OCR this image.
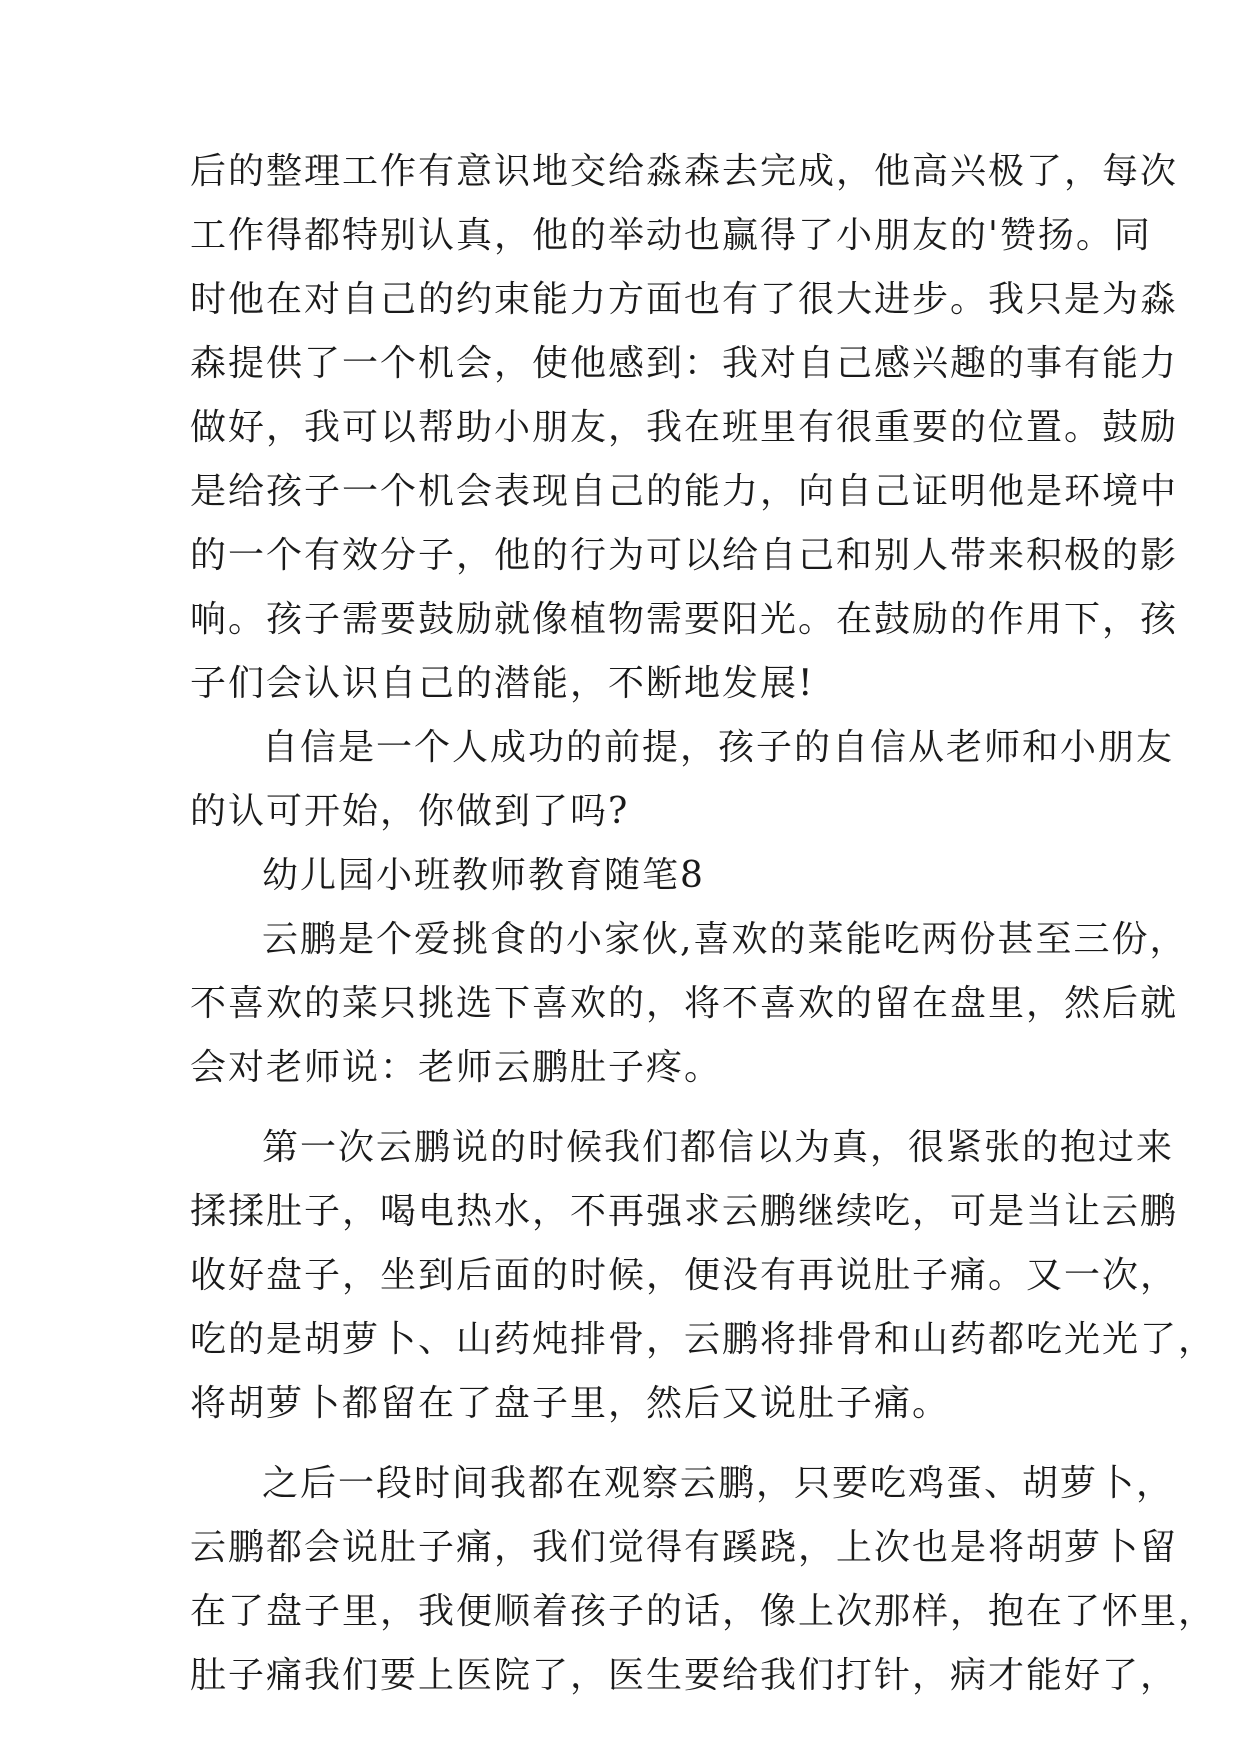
后的整理工作有意识地交给淼森去完成，他高兴极了，每次
工作得都特别认真，他的举动也赢得了小朋友的'赞扬。同
时他在对自己的约束能力方面也有了很大进步。我只是为淼
森提供了一个机会，使他感到：我对自己感兴趣的事有能力
做好，我可以帮助小朋友，我在班里有很重要的位置。鼓励
是给孩子一个机会表现自己的能力，向自己证明他是环境中
的一个有效分子，他的行为可以给自己和别人带来积极的影
响。孩子需要鼓励就像植物需要阳光。在鼓励的作用下，孩
子们会认识自己的潜能，不断地发展!
自信是一个人成功的前提，孩子的自信从老师和小朋友
的认可开始，你做到了吗?
幼儿园小班教师教育随笔8
云鹏是个爱挑食的小家伙,喜欢的菜能吃两份甚至三份，
不喜欢的菜只挑选下喜欢的，将不喜欢的留在盘里，然后就
会对老师说：老师云鹏肚子疼。
第一次云鹏说的时候我们都信以为真，很紧张的抱过来
揉揉肚子，喝电热水，不再强求云鹏继续吃，可是当让云鹏
收好盘子，坐到后面的时候，便没有再说肚子痛。又一次，
吃的是胡萝卜、山药炖排骨，云鹏将排骨和山药都吃光光了，
将胡萝卜都留在了盘子里，然后又说肚子痛。
之后一段时间我都在观察云鹏，只要吃鸡蛋、胡萝卜，
云鹏都会说肚子痛，我们觉得有蹊跷，上次也是将胡萝卜留
在了盘子里，我便顺着孩子的话，像上次那样，抱在了怀里，
肚子痛我们要上医院了，医生要给我们打针，病才能好了，
